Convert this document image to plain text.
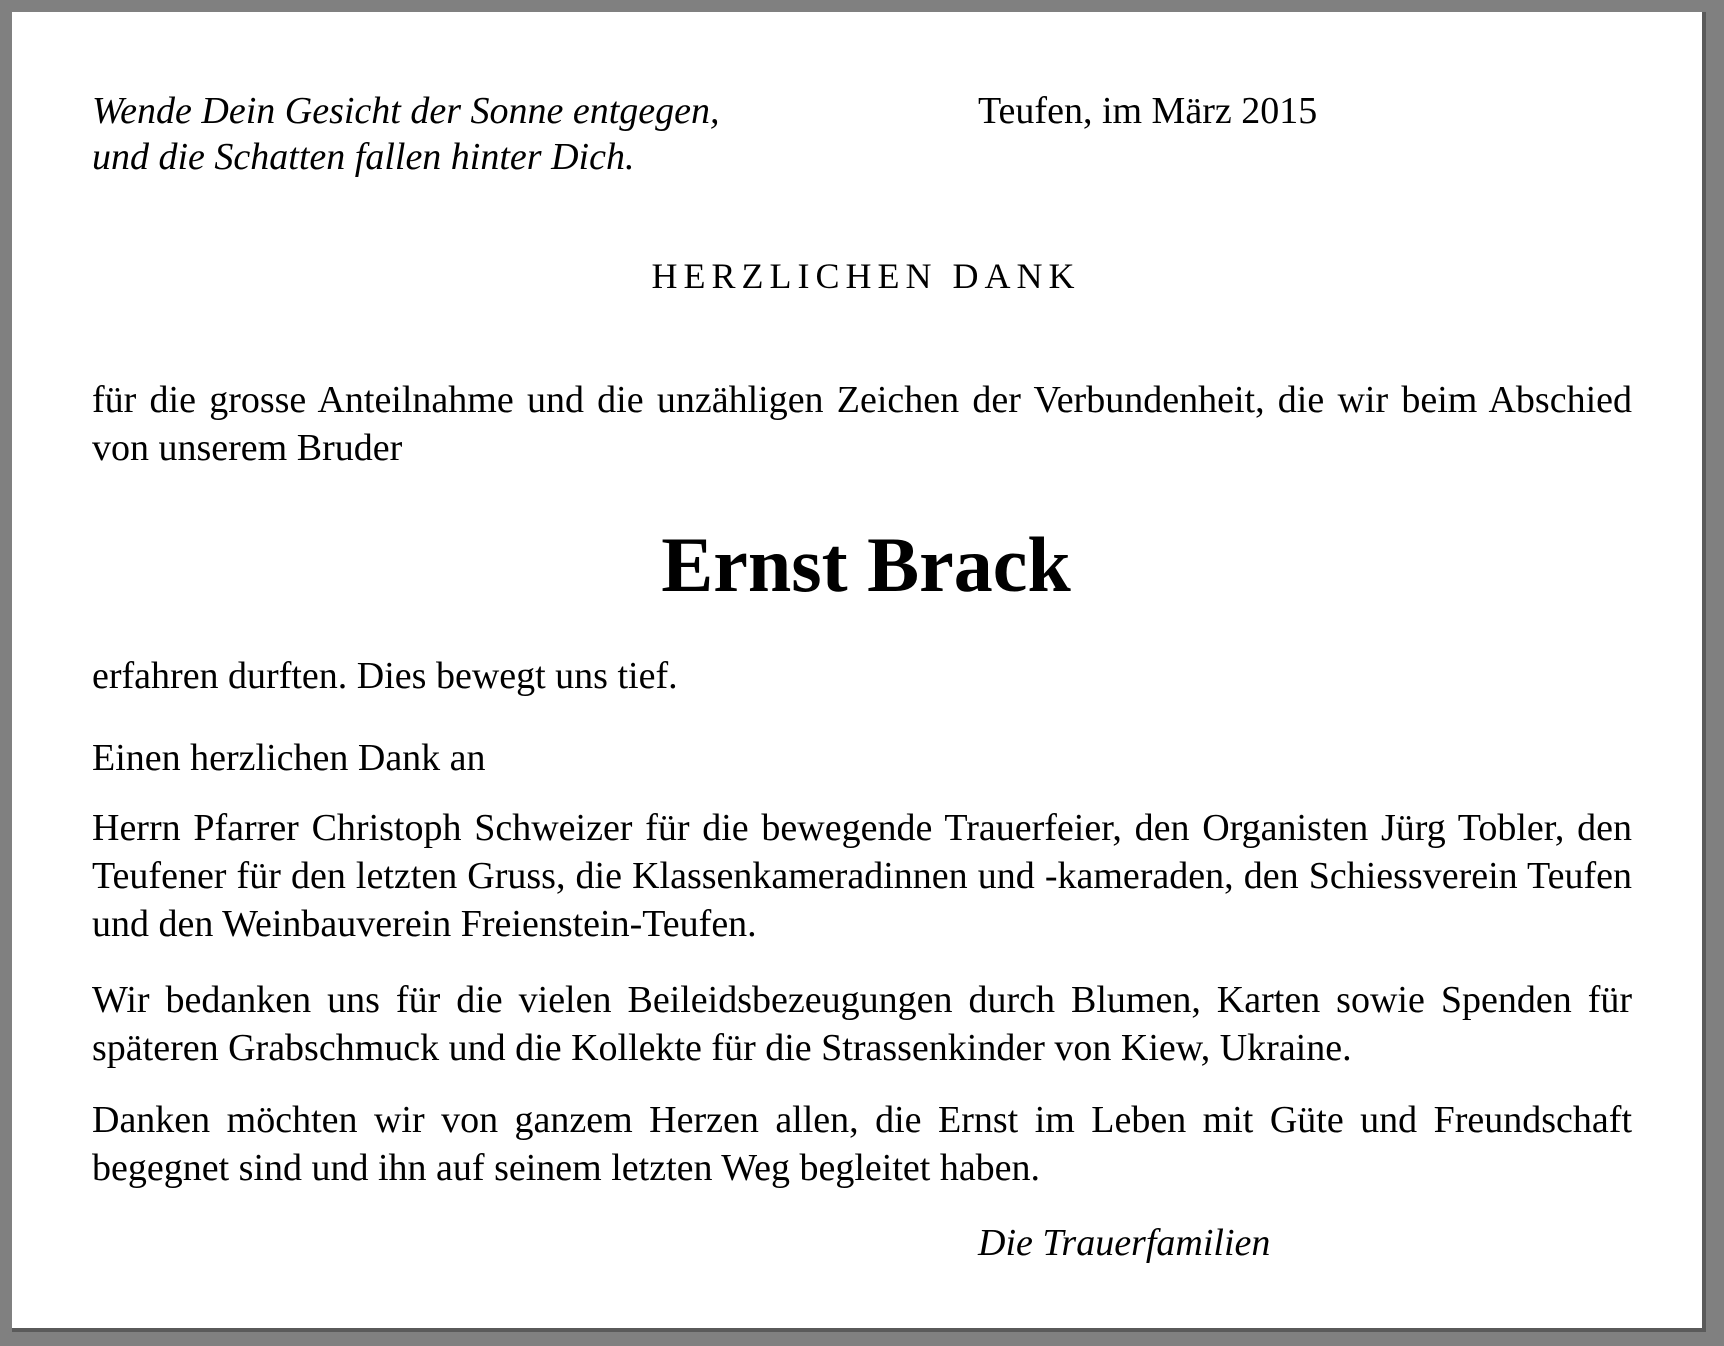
Wende Dein Gesicht der Sonne entgegen,
und die Schatten fallen hinter Dich.
Teufen, im März 2015
HERZLICHEN DANK
für die grosse Anteilnahme und die unzähligen Zeichen der Verbundenheit, die wir beim Abschied von unserem Bruder
Ernst Brack
erfahren durften. Dies bewegt uns tief.
Einen herzlichen Dank an
Herrn Pfarrer Christoph Schweizer für die bewegende Trauerfeier, den Organisten Jürg Tobler, den Teufener für den letzten Gruss, die Klassenkameradinnen und -kameraden, den Schiessverein Teufen und den Weinbauverein Freienstein-Teufen.
Wir bedanken uns für die vielen Beileidsbezeugungen durch Blumen, Karten sowie Spenden für späteren Grabschmuck und die Kollekte für die Strassenkinder von Kiew, Ukraine.
Danken möchten wir von ganzem Herzen allen, die Ernst im Leben mit Güte und Freundschaft begegnet sind und ihn auf seinem letzten Weg begleitet haben.
Die Trauerfamilien
